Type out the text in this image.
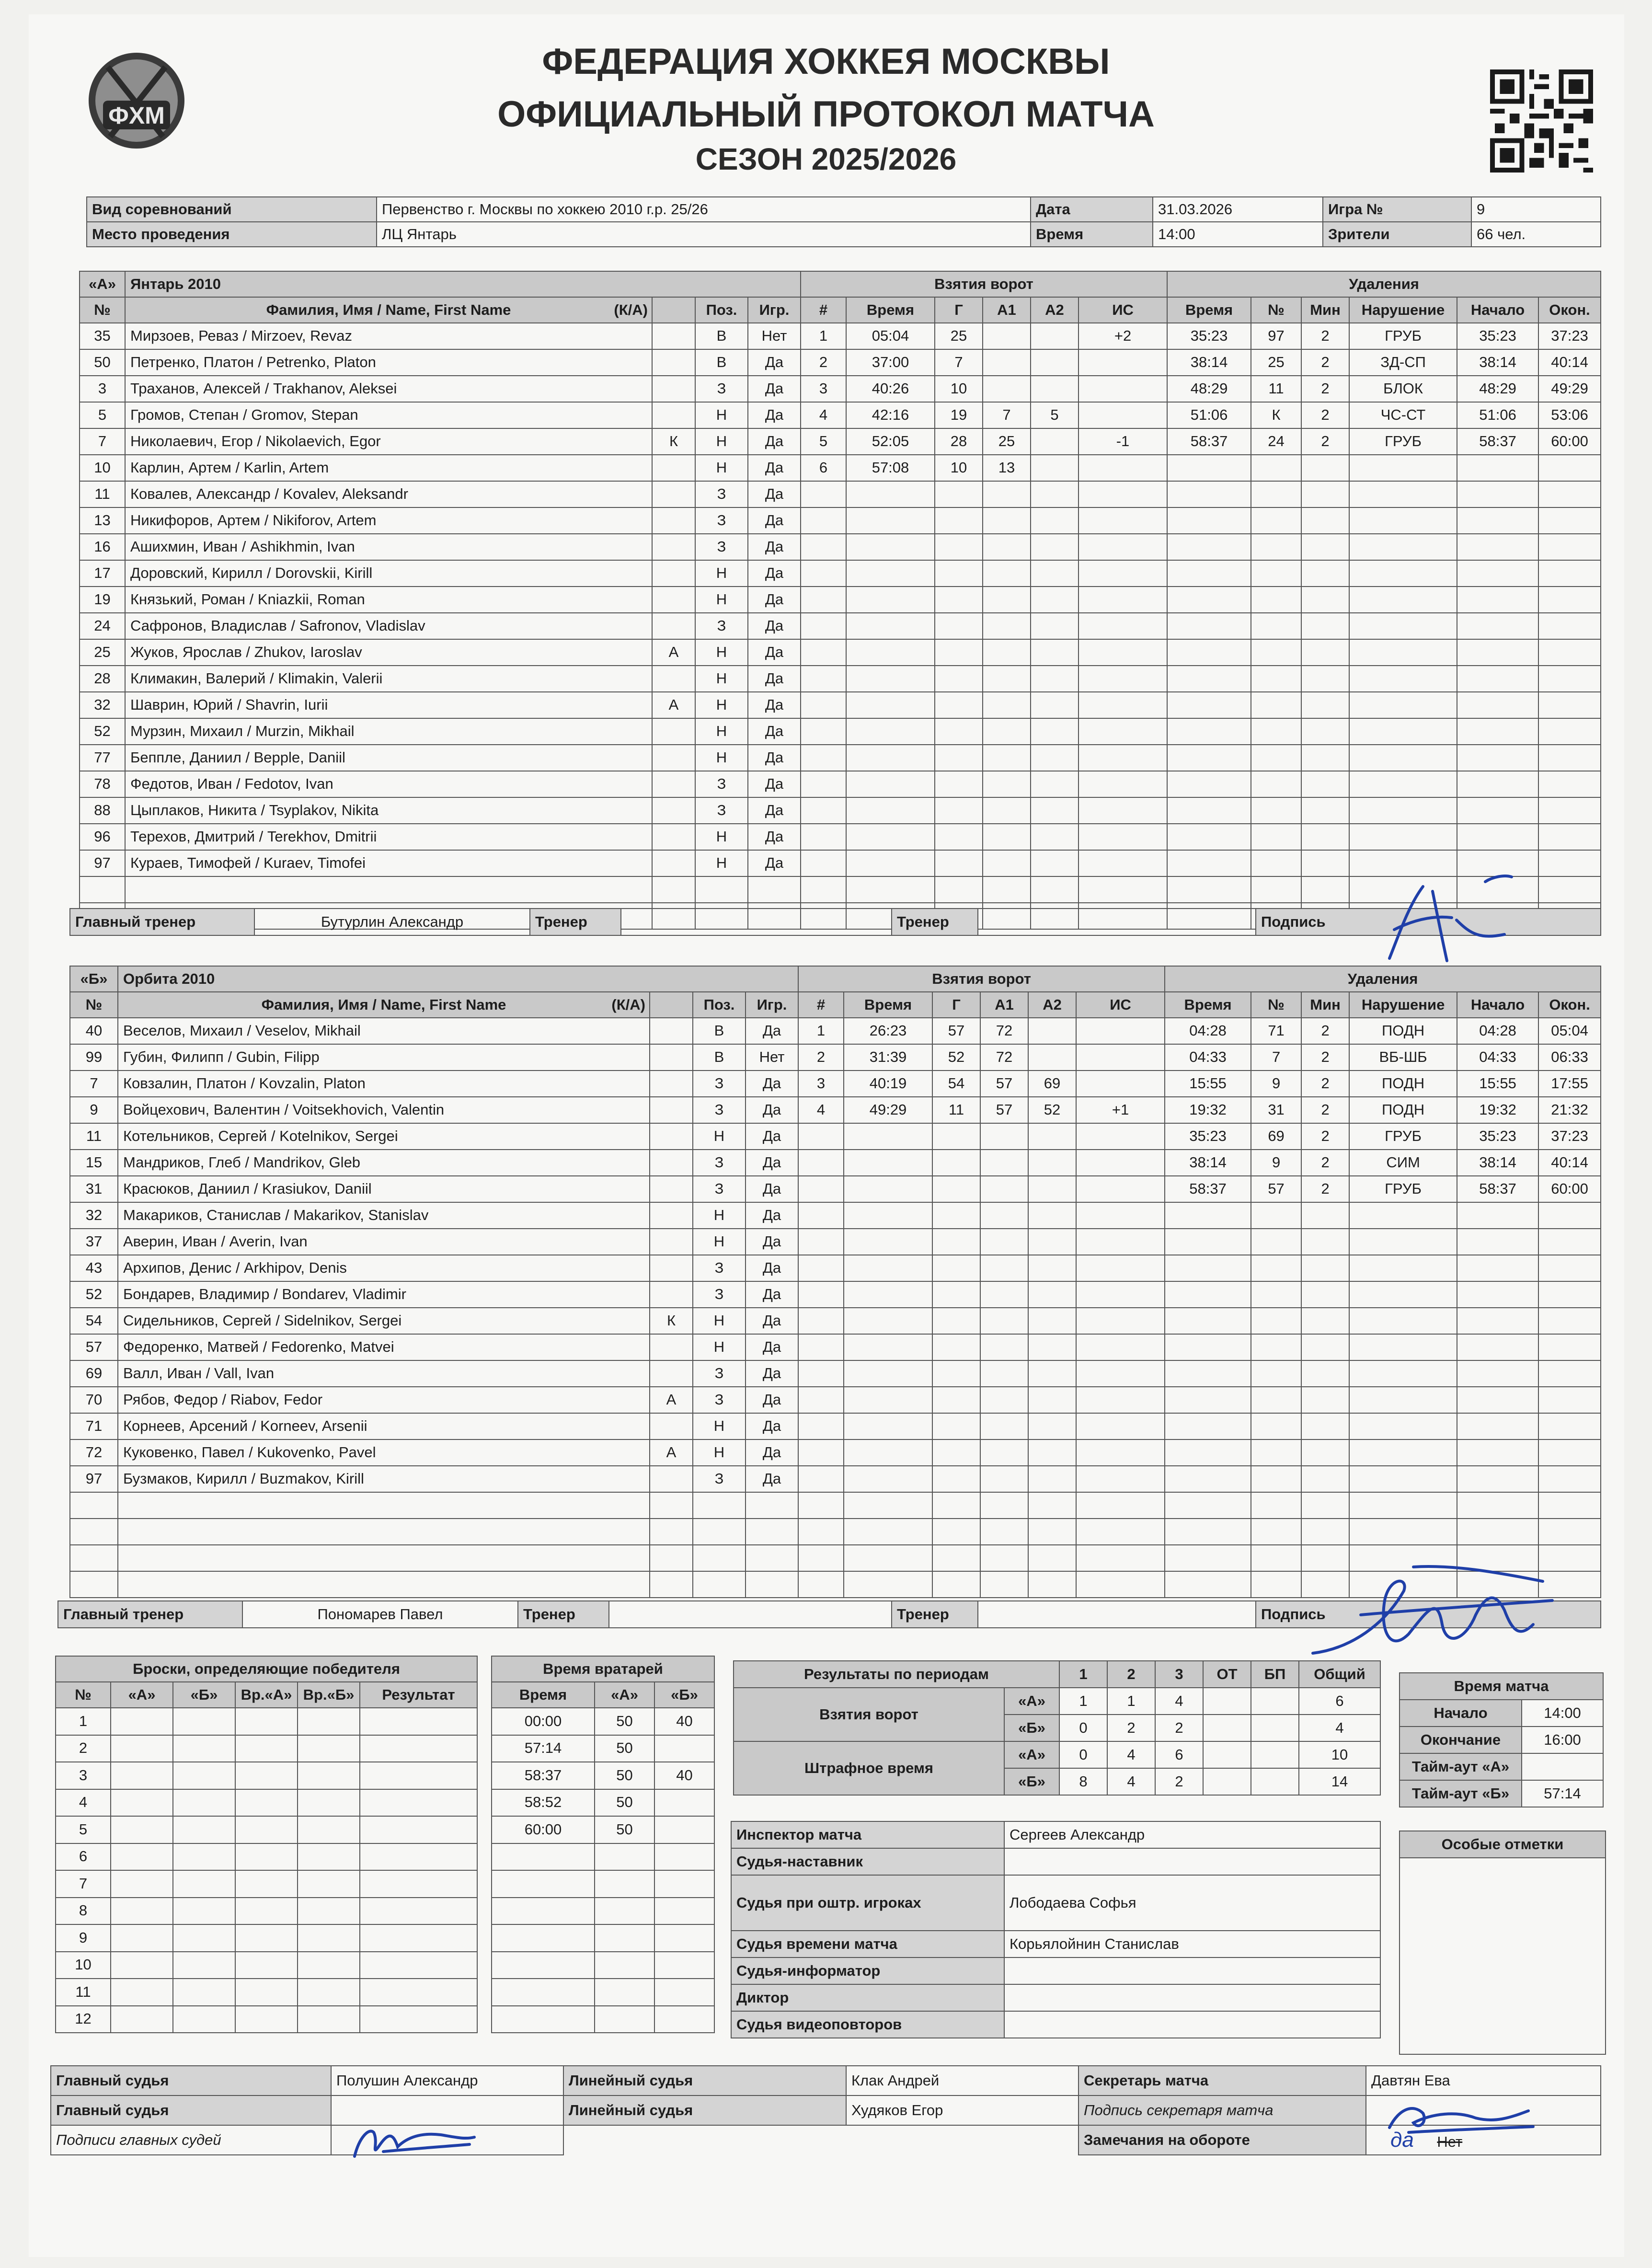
ФХМ
ФЕДЕРАЦИЯ ХОККЕЯ МОСКВЫ
ОФИЦИАЛЬНЫЙ ПРОТОКОЛ МАТЧА
СЕЗОН 2025/2026
Вид соревнований	Первенство г. Москвы по хоккею 2010 г.р. 25/26	Дата	31.03.2026	Игра №	9
Место проведения	ЛЦ Янтарь	Время	14:00	Зрители	66 чел.
«А»	Янтарь 2010				Взятия ворот						Удаления					
№	Фамилия, Имя / Name, First Name (К/А)		Поз.	Игр.	#	Время	Г	А1	А2	ИС	Время	№	Мин	Нарушение	Начало	Окон.
35	Мирзоев, Реваз / Mirzoev, Revaz		В	Нет	1	05:04	25			+2	35:23	97	2	ГРУБ	35:23	37:23
50	Петренко, Платон / Petrenko, Platon		В	Да	2	37:00	7				38:14	25	2	ЗД-СП	38:14	40:14
3	Траханов, Алексей / Trakhanov, Aleksei		З	Да	3	40:26	10				48:29	11	2	БЛОК	48:29	49:29
5	Громов, Степан / Gromov, Stepan		Н	Да	4	42:16	19	7	5		51:06	К	2	ЧС-СТ	51:06	53:06
7	Николаевич, Егор / Nikolaevich, Egor	К	Н	Да	5	52:05	28	25		-1	58:37	24	2	ГРУБ	58:37	60:00
10	Карлин, Артем / Karlin, Artem		Н	Да	6	57:08	10	13								
11	Ковалев, Александр / Kovalev, Aleksandr		З	Да												
13	Никифоров, Артем / Nikiforov, Artem		З	Да												
16	Ашихмин, Иван / Ashikhmin, Ivan		З	Да												
17	Доровский, Кирилл / Dorovskii, Kirill		Н	Да												
19	Князький, Роман / Kniazkii, Roman		Н	Да												
24	Сафронов, Владислав / Safronov, Vladislav		З	Да												
25	Жуков, Ярослав / Zhukov, Iaroslav	А	Н	Да												
28	Климакин, Валерий / Klimakin, Valerii		Н	Да												
32	Шаврин, Юрий / Shavrin, Iurii	А	Н	Да												
52	Мурзин, Михаил / Murzin, Mikhail		Н	Да												
77	Беппле, Даниил / Bepple, Daniil		Н	Да												
78	Федотов, Иван / Fedotov, Ivan		З	Да												
88	Цыплаков, Никита / Tsyplakov, Nikita		З	Да												
96	Терехов, Дмитрий / Terekhov, Dmitrii		Н	Да												
97	Кураев, Тимофей / Kuraev, Timofei		Н	Да												

Главный тренер	Бутурлин Александр	Тренер		Тренер		Подпись
«Б»	Орбита 2010				Взятия ворот						Удаления					
№	Фамилия, Имя / Name, First Name (К/А)		Поз.	Игр.	#	Время	Г	А1	А2	ИС	Время	№	Мин	Нарушение	Начало	Окон.
40	Веселов, Михаил / Veselov, Mikhail		В	Да	1	26:23	57	72			04:28	71	2	ПОДН	04:28	05:04
99	Губин, Филипп / Gubin, Filipp		В	Нет	2	31:39	52	72			04:33	7	2	ВБ-ШБ	04:33	06:33
7	Ковзалин, Платон / Kovzalin, Platon		З	Да	3	40:19	54	57	69		15:55	9	2	ПОДН	15:55	17:55
9	Войцехович, Валентин / Voitsekhovich, Valentin		З	Да	4	49:29	11	57	52	+1	19:32	31	2	ПОДН	19:32	21:32
11	Котельников, Сергей / Kotelnikov, Sergei		Н	Да							35:23	69	2	ГРУБ	35:23	37:23
15	Мандриков, Глеб / Mandrikov, Gleb		З	Да							38:14	9	2	СИМ	38:14	40:14
31	Красюков, Даниил / Krasiukov, Daniil		З	Да							58:37	57	2	ГРУБ	58:37	60:00
32	Макариков, Станислав / Makarikov, Stanislav		Н	Да												
37	Аверин, Иван / Averin, Ivan		Н	Да												
43	Архипов, Денис / Arkhipov, Denis		З	Да												
52	Бондарев, Владимир / Bondarev, Vladimir		З	Да												
54	Сидельников, Сергей / Sidelnikov, Sergei	К	Н	Да												
57	Федоренко, Матвей / Fedorenko, Matvei		Н	Да												
69	Валл, Иван / Vall, Ivan		З	Да												
70	Рябов, Федор / Riabov, Fedor	А	З	Да												
71	Корнеев, Арсений / Korneev, Arsenii		Н	Да												
72	Куковенко, Павел / Kukovenko, Pavel	А	Н	Да												
97	Бузмаков, Кирилл / Buzmakov, Kirill		З	Да												

Главный тренер	Пономарев Павел	Тренер		Тренер		Подпись
Броски, определяющие победителя					
№	«А»	«Б»	Вр.«А»	Вр.«Б»	Результат
1					
2					
3					
4					
5					
6					
7					
8					
9					
10					
11					
12					
Время вратарей		
Время	«А»	«Б»
00:00	50	40
57:14	50	
58:37	50	40
58:52	50	
60:00	50	

Результаты по периодам		1	2	3	ОТ	БП	Общий
Взятия ворот	«А»	1	1	4			6
	«Б»	0	2	2			4
Штрафное время	«А»	0	4	6			10
	«Б»	8	4	2			14
Время матча	
Начало	14:00
Окончание	16:00
Тайм-аут «А»	
Тайм-аут «Б»	57:14
Инспектор матча	Сергеев Александр
Судья-наставник	
Судья при оштр. игроках	Лободаева Софья
Судья времени матча	Корьялойнин Станислав
Судья-информатор	
Диктор	
Судья видеоповторов	
Особые отметки

Главный судья	Полушин Александр	Линейный судья	Клак Андрей	Секретарь матча	Давтян Ева
Главный судья		Линейный судья	Худяков Егор	Подпись секретаря матча	
Подписи главных судей				Замечания на обороте	да Нет
